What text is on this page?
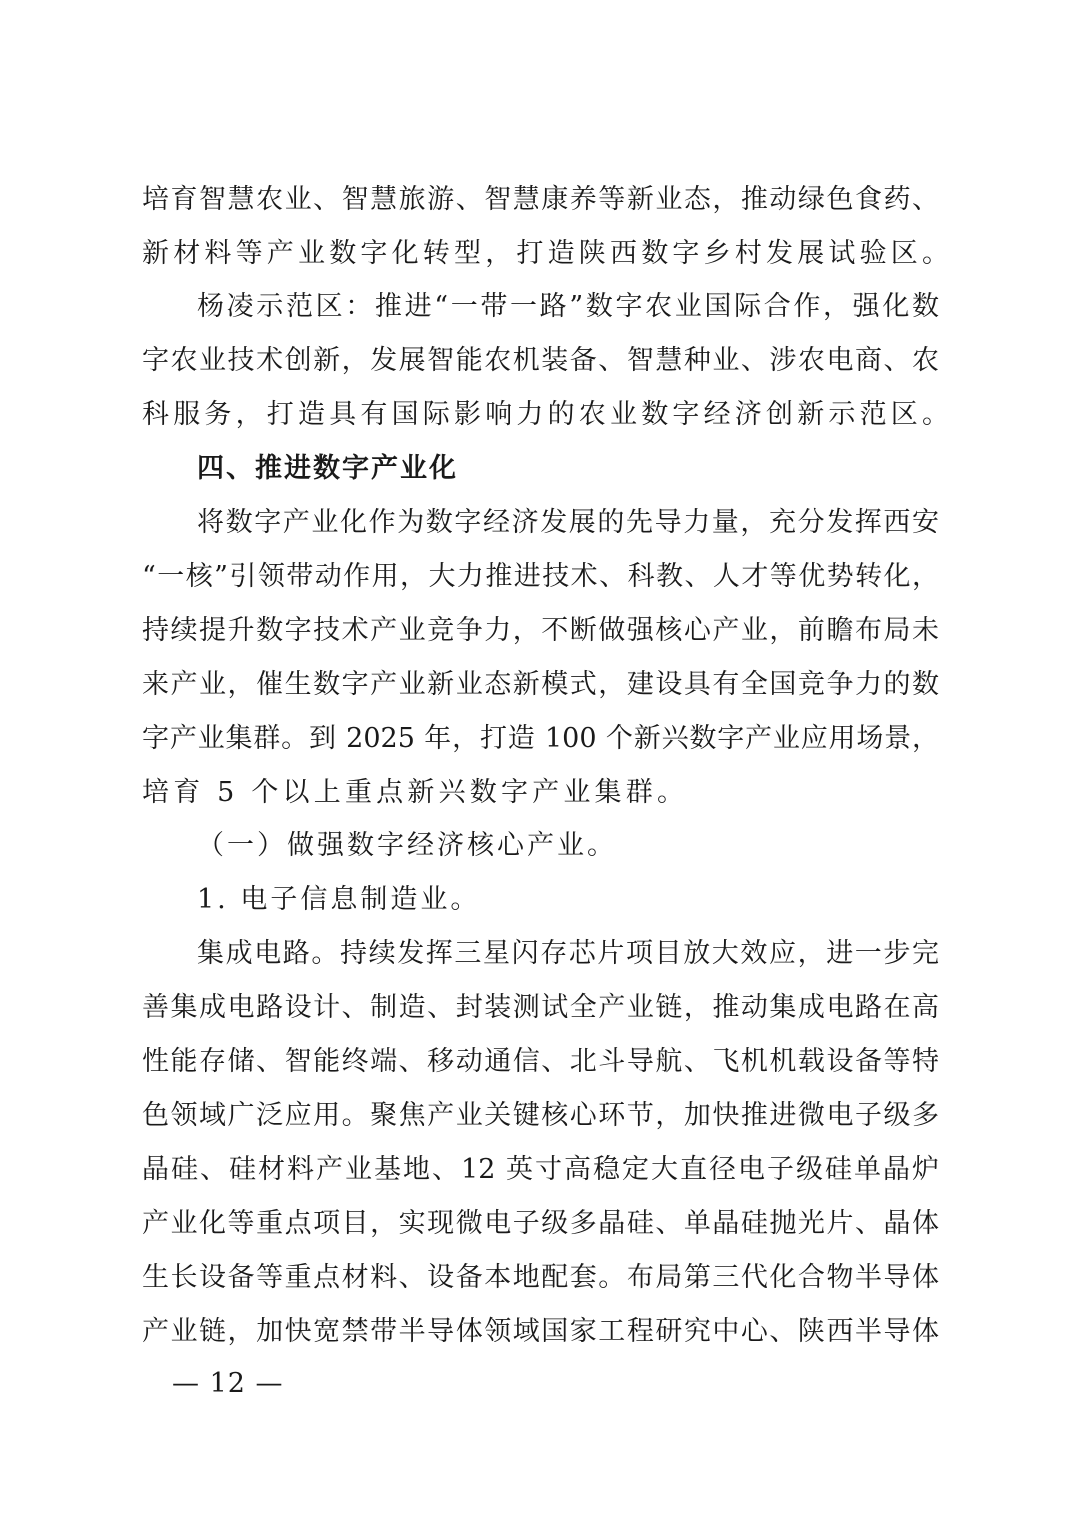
培育智慧农业、智慧旅游、智慧康养等新业态，推动绿色食药、
新材料等产业数字化转型，打造陕西数字乡村发展试验区。
杨凌示范区：推进“一带一路”数字农业国际合作，强化数
字农业技术创新，发展智能农机装备、智慧种业、涉农电商、农
科服务，打造具有国际影响力的农业数字经济创新示范区。
四、推进数字产业化
将数字产业化作为数字经济发展的先导力量，充分发挥西安
“一核”引领带动作用，大力推进技术、科教、人才等优势转化，
持续提升数字技术产业竞争力，不断做强核心产业，前瞻布局未
来产业，催生数字产业新业态新模式，建设具有全国竞争力的数
字产业集群。到 2025 年，打造 100 个新兴数字产业应用场景，
培育 5 个以上重点新兴数字产业集群。
（一）做强数字经济核心产业。
1. 电子信息制造业。
集成电路。持续发挥三星闪存芯片项目放大效应，进一步完
善集成电路设计、制造、封装测试全产业链，推动集成电路在高
性能存储、智能终端、移动通信、北斗导航、飞机机载设备等特
色领域广泛应用。聚焦产业关键核心环节，加快推进微电子级多
晶硅、硅材料产业基地、12 英寸高稳定大直径电子级硅单晶炉
产业化等重点项目，实现微电子级多晶硅、单晶硅抛光片、晶体
生长设备等重点材料、设备本地配套。布局第三代化合物半导体
产业链，加快宽禁带半导体领域国家工程研究中心、陕西半导体
— 12 —
